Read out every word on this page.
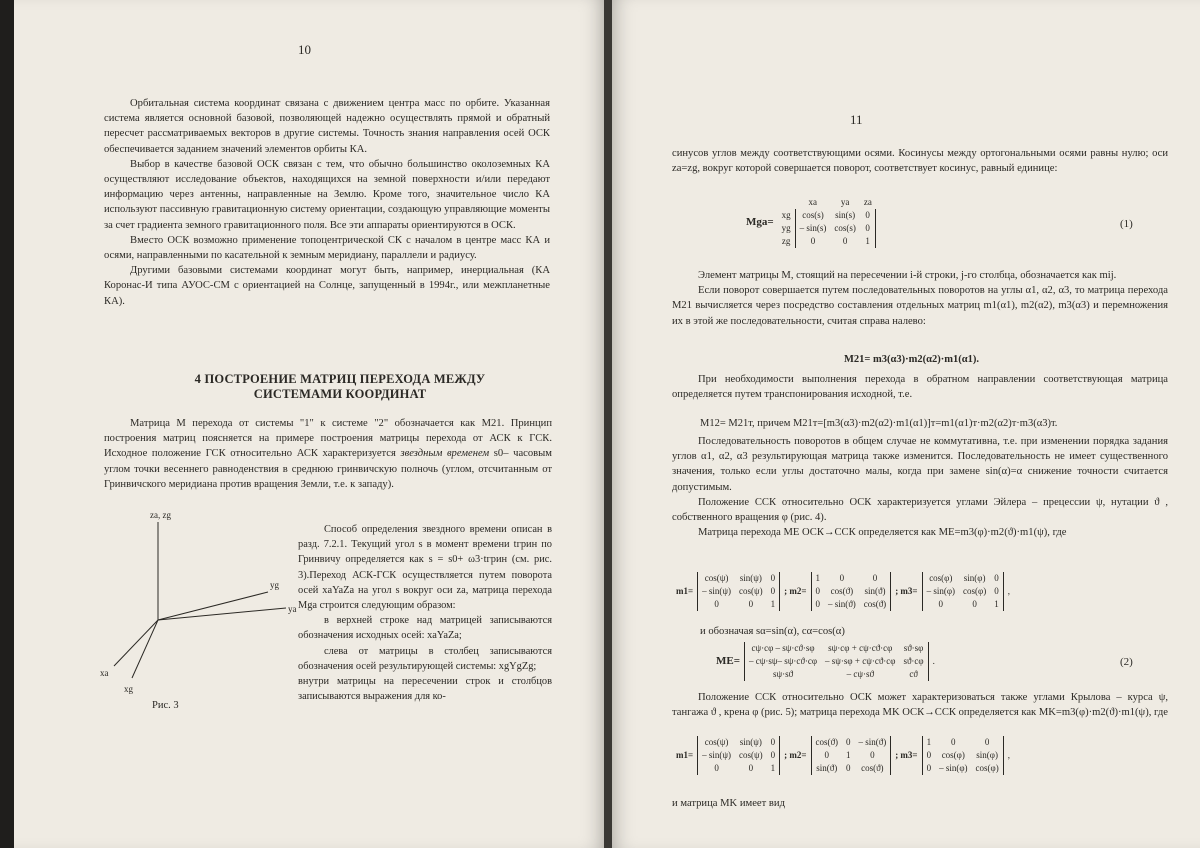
10

Орбитальная система координат связана с движением центра масс по орбите. Указанная система является основной базовой, позволяющей надежно осуществлять прямой и обратный пересчет рассматриваемых векторов в другие системы. Точность знания направления осей ОСК обеспечивается заданием значений элементов орбиты КА.

Выбор в качестве базовой ОСК связан с тем, что обычно большинство околоземных КА осуществляют исследование объектов, находящихся на земной поверхности и/или передают информацию через антенны, направленные на Землю. Кроме того, значительное число КА используют пассивную гравитационную систему ориентации, создающую управляющие моменты за счет градиента земного гравитационного поля. Все эти аппараты ориентируются в ОСК.

Вместо ОСК возможно применение топоцентрической СК с началом в центре масс КА и осями, направленными по касательной к земным меридиану, параллели и радиусу.

Другими базовыми системами координат могут быть, например, инерциальная (КА Коронас-И типа АУОС-СМ с ориентацией на Солнце, запущенный в 1994г., или межпланетные КА).

4 ПОСТРОЕНИЕ МАТРИЦ ПЕРЕХОДА МЕЖДУ СИСТЕМАМИ КООРДИНАТ

Матрица M перехода от системы "1" к системе "2" обозначается как M21. Принцип построения матриц поясняется на примере построения матрицы перехода от АСК к ГСК. Исходное положение ГСК относительно АСК характеризуется звездным временем s0– часовым углом точки весеннего равноденствия в среднюю гринвичскую полночь (углом, отсчитанным от Гринвичского меридиана против вращения Земли, т.е. к западу).

za, zg
yg
ya
xa
xg
Рис. 3

Способ определения звездного времени описан в разд. 7.2.1. Текущий угол s в момент времени tгрин по Гринвичу определяется как s = s0+ ω3·tгрин (см. рис. 3).Переход АСК-ГСК осуществляется путем поворота осей xaYaZa на угол s вокруг оси za, матрица перехода Mga строится следующим образом:

в верхней строке над матрицей записываются обозначения исходных осей: xaYaZa;

слева от матрицы в столбец записываются обозначения осей результирующей системы: xgYgZg;

внутри матрицы на пересечении строк и столбцов записываются выражения для ко-

11
синусов углов между соответствующими осями. Косинусы между ортогональными осями равны нулю; оси za=zg, вокруг которой совершается поворот, соответствует косинус, равный единице:
Mga=		xa	ya	za
	xg	cos(s)	sin(s)	0
	yg	– sin(s)	cos(s)	0
	zg	0	0	1
(1)

Элемент матрицы M, стоящий на пересечении i-й строки, j-го столбца, обозначается как mij.

Если поворот совершается путем последовательных поворотов на углы α1, α2, α3, то матрица перехода M21 вычисляется через посредство составления отдельных матриц m1(α1), m2(α2), m3(α3) и перемножения их в этой же последовательности, считая справа налево:

M21= m3(α3)·m2(α2)·m1(α1).

При необходимости выполнения перехода в обратном направлении соответствующая матрица определяется путем транспонирования исходной, т.е.

M12= M21т, причем M21т=[m3(α3)·m2(α2)·m1(α1)]т=m1(α1)т·m2(α2)т·m3(α3)т.

Последовательность поворотов в общем случае не коммутативна, т.е. при изменении порядка задания углов α1, α2, α3 результирующая матрица также изменится. Последовательность не имеет существенного значения, только если углы достаточно малы, когда при замене sin(α)=α снижение точности считается допустимым.

Положение ССК относительно ОСК характеризуется углами Эйлера – прецессии ψ, нутации ϑ , собственного вращения φ (рис. 4).

Матрица перехода ME ОСК→ССК определяется как ME=m3(φ)·m2(ϑ)·m1(ψ), где

m1=	cos(ψ)	sin(ψ)	0	; m2=	1	0	0	; m3=	cos(φ)	sin(φ)	0	,
	– sin(ψ)	cos(ψ)	0		0	cos(ϑ)	sin(ϑ)		– sin(φ)	cos(φ)	0	
	0	0	1		0	– sin(ϑ)	cos(ϑ)		0	0	1	
и обозначая sα=sin(α), cα=cos(α)
ME=	cψ·cφ – sψ·cϑ·sφ	sψ·cφ + cψ·cϑ·cφ	sϑ·sφ	.
	– cψ·sψ– sψ·cϑ·cφ	– sψ·sφ + cψ·cϑ·cφ	sϑ·cφ	
	sψ·sϑ	– cψ·sϑ	cϑ	
(2)

Положение ССК относительно ОСК может характеризоваться также углами Крылова – курса ψ, тангажа ϑ , крена φ (рис. 5); матрица перехода MK ОСК→ССК определяется как MK=m3(φ)·m2(ϑ)·m1(ψ), где

m1=	cos(ψ)	sin(ψ)	0	; m2=	cos(ϑ)	0	– sin(ϑ)	; m3=	1	0	0	,
	– sin(ψ)	cos(ψ)	0		0	1	0		0	cos(φ)	sin(φ)	
	0	0	1		sin(ϑ)	0	cos(ϑ)		0	– sin(φ)	cos(φ)	
и матрица MK имеет вид
